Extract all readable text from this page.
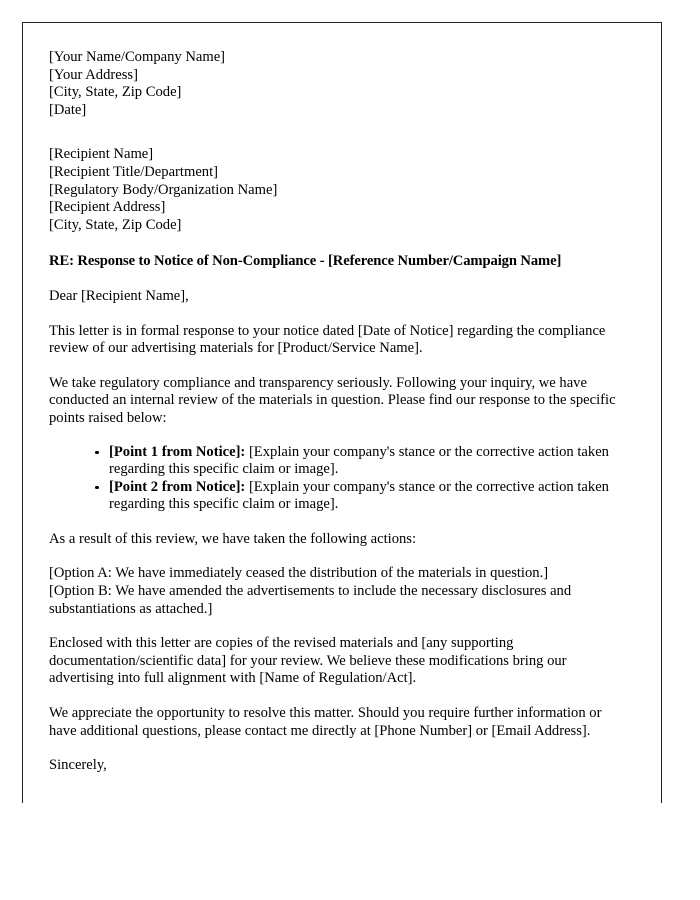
[Your Name/Company Name]
[Your Address]
[City, State, Zip Code]
[Date]
[Recipient Name]
[Recipient Title/Department]
[Regulatory Body/Organization Name]
[Recipient Address]
[City, State, Zip Code]
RE: Response to Notice of Non-Compliance - [Reference Number/Campaign Name]
Dear [Recipient Name],
This letter is in formal response to your notice dated [Date of Notice] regarding the compliance review of our advertising materials for [Product/Service Name].
We take regulatory compliance and transparency seriously. Following your inquiry, we have conducted an internal review of the materials in question. Please find our response to the specific points raised below:
[Point 1 from Notice]: [Explain your company's stance or the corrective action taken regarding this specific claim or image].
[Point 2 from Notice]: [Explain your company's stance or the corrective action taken regarding this specific claim or image].
As a result of this review, we have taken the following actions:
[Option A: We have immediately ceased the distribution of the materials in question.]
[Option B: We have amended the advertisements to include the necessary disclosures and substantiations as attached.]
Enclosed with this letter are copies of the revised materials and [any supporting documentation/scientific data] for your review. We believe these modifications bring our advertising into full alignment with [Name of Regulation/Act].
We appreciate the opportunity to resolve this matter. Should you require further information or have additional questions, please contact me directly at [Phone Number] or [Email Address].
Sincerely,
